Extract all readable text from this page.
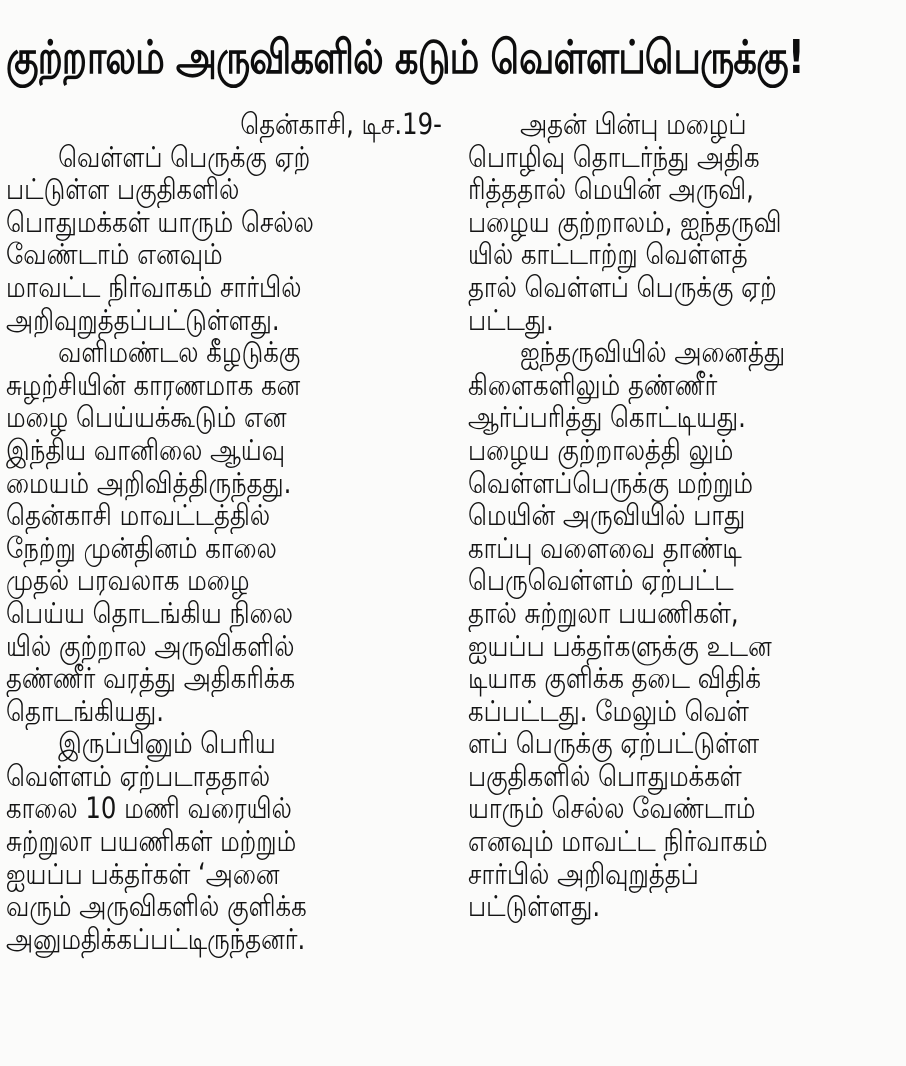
குற்றாலம் அருவிகளில் கடும் வெள்ளப்பெருக்கு!
தென்காசி, டிச.19-
வெள்ளப் பெருக்கு ஏற்
பட்டுள்ள பகுதிகளில்
பொதுமக்கள் யாரும் செல்ல
வேண்டாம் எனவும்
மாவட்ட நிர்வாகம் சார்பில்
அறிவுறுத்தப்பட்டுள்ளது.
வளிமண்டல கீழடுக்கு
சுழற்சியின் காரணமாக கன
மழை பெய்யக்கூடும் என
இந்திய வானிலை ஆய்வு
மையம் அறிவித்திருந்தது.
தென்காசி மாவட்டத்தில்
நேற்று முன்தினம் காலை
முதல் பரவலாக மழை
பெய்ய தொடங்கிய நிலை
யில் குற்றால அருவிகளில்
தண்ணீர் வரத்து அதிகரிக்க
தொடங்கியது.
இருப்பினும் பெரிய
வெள்ளம் ஏற்படாததால்
காலை 10 மணி வரையில்
சுற்றுலா பயணிகள் மற்றும்
ஐயப்ப பக்தர்கள் ‘அனை
வரும் அருவிகளில் குளிக்க
அனுமதிக்கப்பட்டிருந்தனர்.
அதன் பின்பு மழைப்
பொழிவு தொடர்ந்து அதிக
ரித்ததால் மெயின் அருவி,
பழைய குற்றாலம், ஐந்தருவி
யில் காட்டாற்று வெள்ளத்
தால் வெள்ளப் பெருக்கு ஏற்
பட்டது.
ஐந்தருவியில் அனைத்து
கிளைகளிலும் தண்ணீர்
ஆர்ப்பரித்து கொட்டியது.
பழைய குற்றாலத்தி லும்
வெள்ளப்பெருக்கு மற்றும்
மெயின் அருவியில் பாது
காப்பு வளைவை தாண்டி
பெருவெள்ளம் ஏற்பட்ட
தால் சுற்றுலா பயணிகள்,
ஐயப்ப பக்தர்களுக்கு உடன
டியாக குளிக்க தடை விதிக்
கப்பட்டது. மேலும் வெள்
ளப் பெருக்கு ஏற்பட்டுள்ள
பகுதிகளில் பொதுமக்கள்
யாரும் செல்ல வேண்டாம்
எனவும் மாவட்ட நிர்வாகம்
சார்பில் அறிவுறுத்தப்
பட்டுள்ளது.
